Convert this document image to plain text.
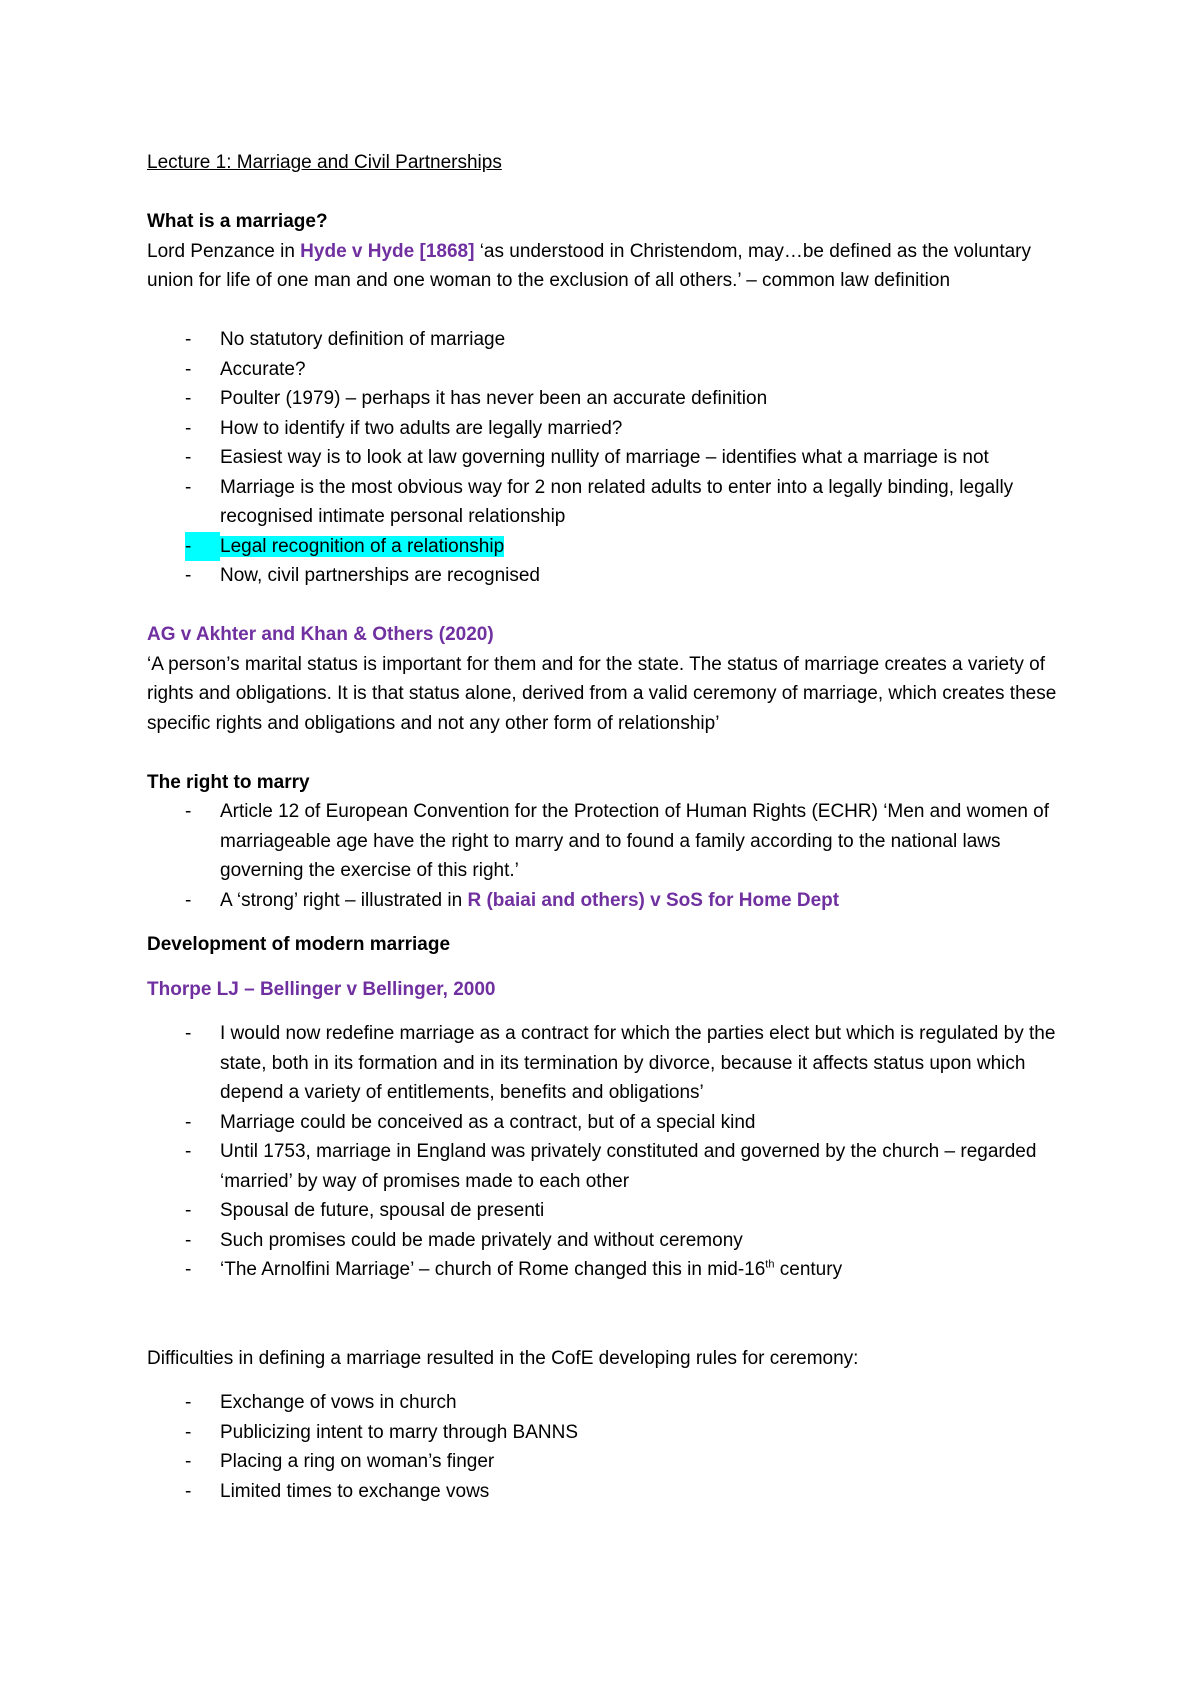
Lecture 1: Marriage and Civil Partnerships

What is a marriage?

Lord Penzance in Hyde v Hyde [1868] ‘as understood in Christendom, may…be defined as the voluntary union for life of one man and one woman to the exclusion of all others.’ – common law definition

- No statutory definition of marriage
- Accurate?
- Poulter (1979) – perhaps it has never been an accurate definition
- How to identify if two adults are legally married?
- Easiest way is to look at law governing nullity of marriage – identifies what a marriage is not
- Marriage is the most obvious way for 2 non related adults to enter into a legally binding, legally recognised intimate personal relationship
- Legal recognition of a relationship
- Now, civil partnerships are recognised

AG v Akhter and Khan & Others (2020)

‘A person’s marital status is important for them and for the state. The status of marriage creates a variety of rights and obligations. It is that status alone, derived from a valid ceremony of marriage, which creates these specific rights and obligations and not any other form of relationship’

The right to marry

- Article 12 of European Convention for the Protection of Human Rights (ECHR) ‘Men and women of marriageable age have the right to marry and to found a family according to the national laws governing the exercise of this right.’
- A ‘strong’ right – illustrated in R (baiai and others) v SoS for Home Dept

Development of modern marriage

Thorpe LJ – Bellinger v Bellinger, 2000

- I would now redefine marriage as a contract for which the parties elect but which is regulated by the state, both in its formation and in its termination by divorce, because it affects status upon which depend a variety of entitlements, benefits and obligations’
- Marriage could be conceived as a contract, but of a special kind
- Until 1753, marriage in England was privately constituted and governed by the church – regarded ‘married’ by way of promises made to each other
- Spousal de future, spousal de presenti
- Such promises could be made privately and without ceremony
- ‘The Arnolfini Marriage’ – church of Rome changed this in mid-16th century

Difficulties in defining a marriage resulted in the CofE developing rules for ceremony:

- Exchange of vows in church
- Publicizing intent to marry through BANNS
- Placing a ring on woman’s finger
- Limited times to exchange vows
